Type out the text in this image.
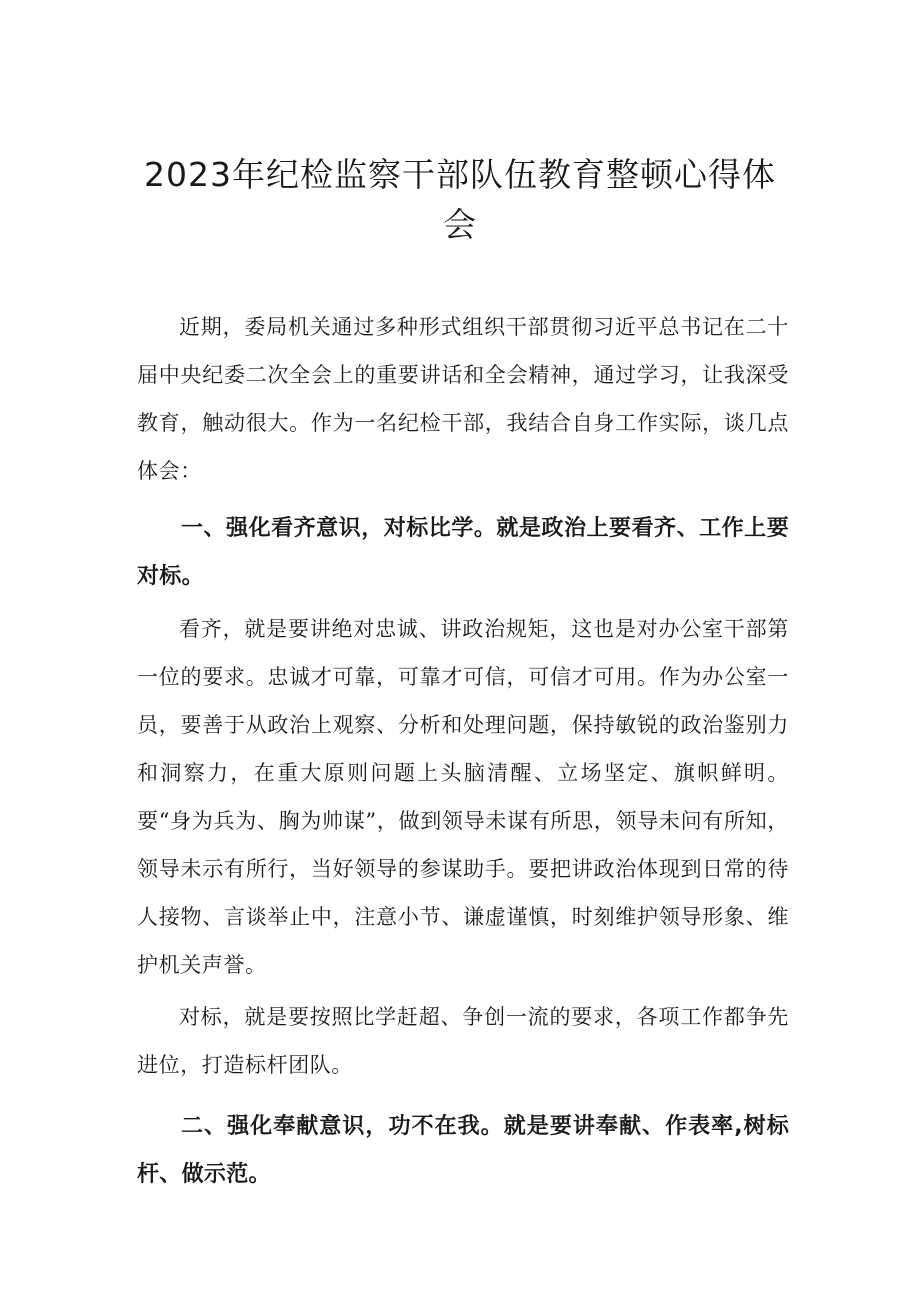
2023年纪检监察干部队伍教育整顿心得体会

近期，委局机关通过多种形式组织干部贯彻习近平总书记在二十届中央纪委二次全会上的重要讲话和全会精神，通过学习，让我深受教育，触动很大。作为一名纪检干部，我结合自身工作实际，谈几点体会：

一、强化看齐意识，对标比学。就是政治上要看齐、工作上要对标。

看齐，就是要讲绝对忠诚、讲政治规矩，这也是对办公室干部第一位的要求。忠诚才可靠，可靠才可信，可信才可用。作为办公室一员，要善于从政治上观察、分析和处理问题，保持敏锐的政治鉴别力和洞察力，在重大原则问题上头脑清醒、立场坚定、旗帜鲜明。要“身为兵为、胸为帅谋”，做到领导未谋有所思，领导未问有所知，领导未示有所行，当好领导的参谋助手。要把讲政治体现到日常的待人接物、言谈举止中，注意小节、谦虚谨慎，时刻维护领导形象、维护机关声誉。

对标，就是要按照比学赶超、争创一流的要求，各项工作都争先进位，打造标杆团队。

二、强化奉献意识，功不在我。就是要讲奉献、作表率,树标杆、做示范。
